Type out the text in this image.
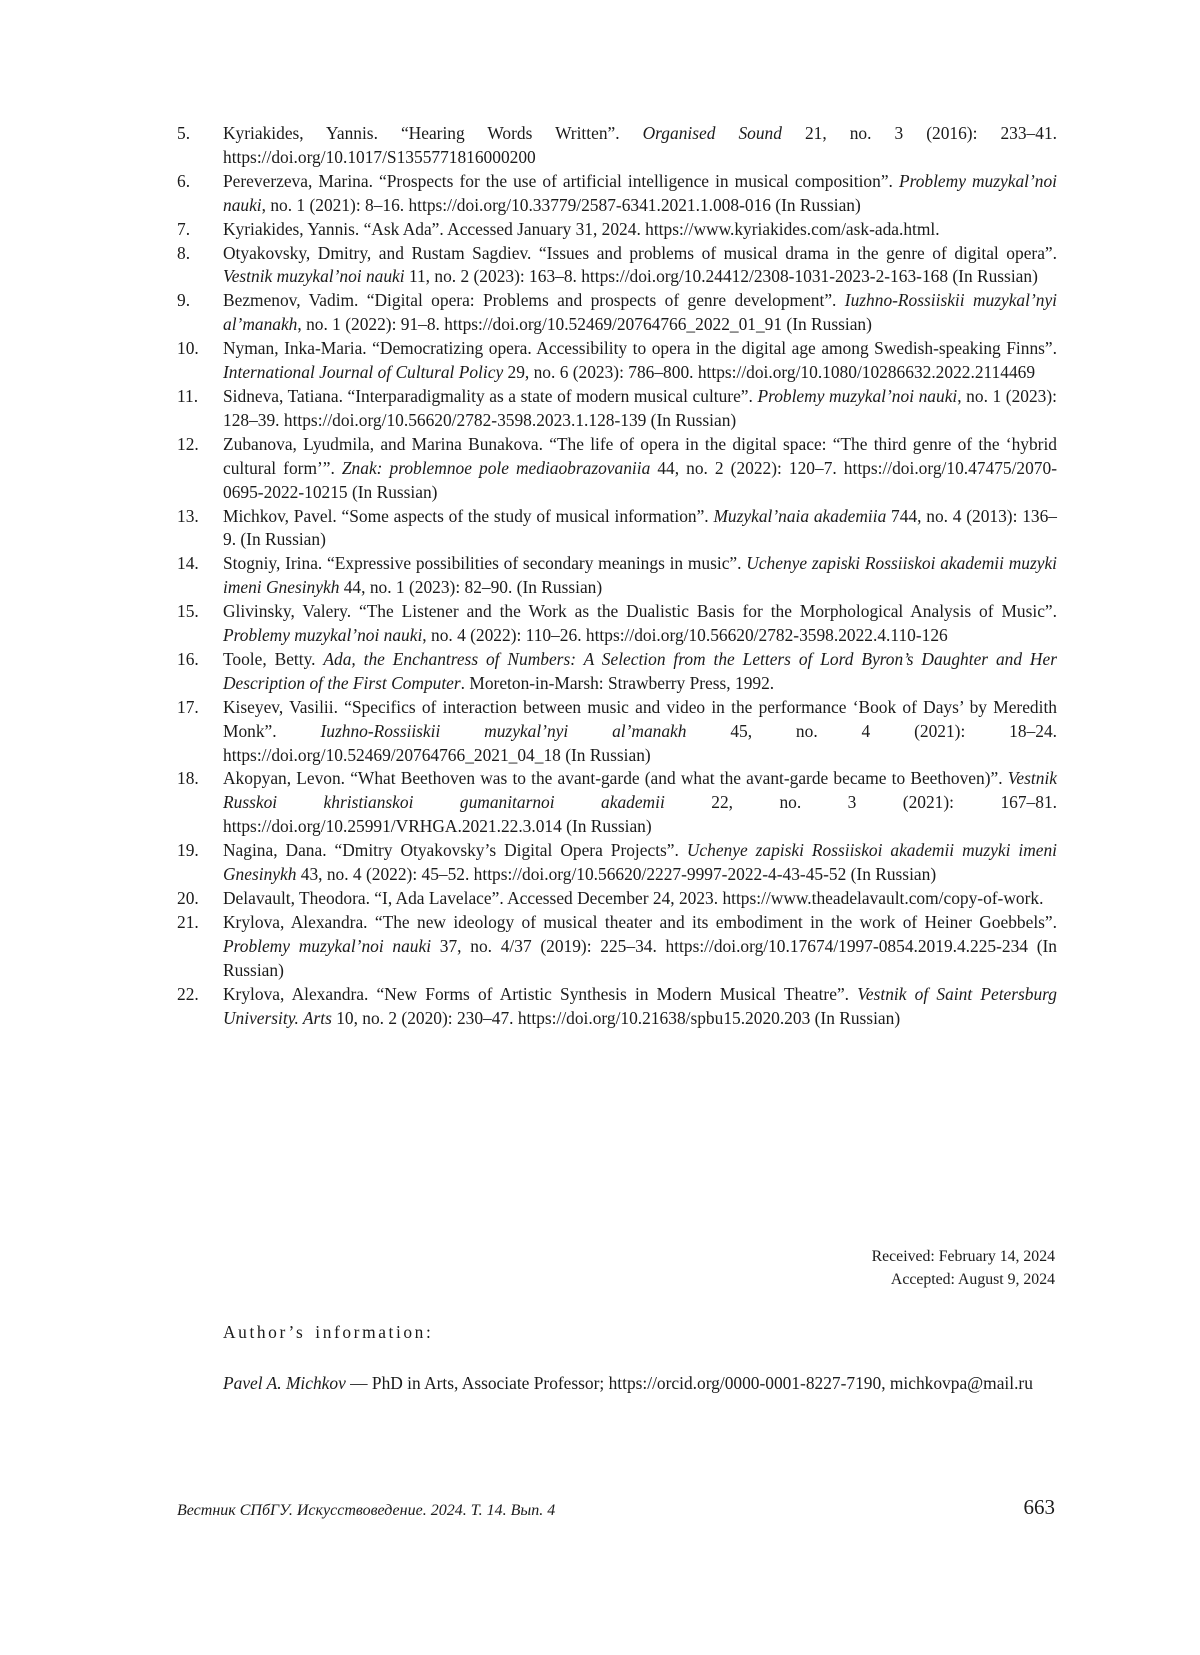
5.	Kyriakides, Yannis. “Hearing Words Written”. Organised Sound 21, no. 3 (2016): 233–41. https://doi.org/10.1017/S1355771816000200

6.	Pereverzeva, Marina. “Prospects for the use of artificial intelligence in musical composition”. Problemy muzykal’noi nauki, no. 1 (2021): 8–16. https://doi.org/10.33779/2587-6341.2021.1.008-016 (In Russian)

7.	Kyriakides, Yannis. “Ask Ada”. Accessed January 31, 2024. https://www.kyriakides.com/ask-ada.html.

8.	Otyakovsky, Dmitry, and Rustam Sagdiev. “Issues and problems of musical drama in the genre of digital opera”. Vestnik muzykal’noi nauki 11, no. 2 (2023): 163–8. https://doi.org/10.24412/2308-1031-2023-2-163-168 (In Russian)

9.	Bezmenov, Vadim. “Digital opera: Problems and prospects of genre development”. Iuzhno-Rossiiskii muzykal’nyi al’manakh, no. 1 (2022): 91–8. https://doi.org/10.52469/20764766_2022_01_91 (In Russian)

10.	Nyman, Inka-Maria. “Democratizing opera. Accessibility to opera in the digital age among Swedish-speaking Finns”. International Journal of Cultural Policy 29, no. 6 (2023): 786–800. https://doi.org/10.1080/10286632.2022.2114469

11.	Sidneva, Tatiana. “Interparadigmality as a state of modern musical culture”. Problemy muzykal’noi nauki, no. 1 (2023): 128–39. https://doi.org/10.56620/2782-3598.2023.1.128-139 (In Russian)

12.	Zubanova, Lyudmila, and Marina Bunakova. “The life of opera in the digital space: “The third genre of the ‘hybrid cultural form’”. Znak: problemnoe pole mediaobrazovaniia 44, no. 2 (2022): 120–7. https://doi.org/10.47475/2070-0695-2022-10215 (In Russian)

13.	Michkov, Pavel. “Some aspects of the study of musical information”. Muzykal’naia akademiia 744, no. 4 (2013): 136–9. (In Russian)

14.	Stogniy, Irina. “Expressive possibilities of secondary meanings in music”. Uchenye zapiski Rossiiskoi akademii muzyki imeni Gnesinykh 44, no. 1 (2023): 82–90. (In Russian)

15.	Glivinsky, Valery. “The Listener and the Work as the Dualistic Basis for the Morphological Analysis of Music”. Problemy muzykal’noi nauki, no. 4 (2022): 110–26. https://doi.org/10.56620/2782-3598.2022.4.110-126

16.	Toole, Betty. Ada, the Enchantress of Numbers: A Selection from the Letters of Lord Byron’s Daughter and Her Description of the First Computer. Moreton-in-Marsh: Strawberry Press, 1992.

17.	Kiseyev, Vasilii. “Specifics of interaction between music and video in the performance ‘Book of Days’ by Meredith Monk”. Iuzhno-Rossiiskii muzykal’nyi al’manakh 45, no. 4 (2021): 18–24. https://doi.org/10.52469/20764766_2021_04_18 (In Russian)

18.	Akopyan, Levon. “What Beethoven was to the avant-garde (and what the avant-garde became to Beethoven)”. Vestnik Russkoi khristianskoi gumanitarnoi akademii 22, no. 3 (2021): 167–81. https://doi.org/10.25991/VRHGA.2021.22.3.014 (In Russian)

19.	Nagina, Dana. “Dmitry Otyakovsky’s Digital Opera Projects”. Uchenye zapiski Rossiiskoi akademii muzyki imeni Gnesinykh 43, no. 4 (2022): 45–52. https://doi.org/10.56620/2227-9997-2022-4-43-45-52 (In Russian)

20.	Delavault, Theodora. “I, Ada Lavelace”. Accessed December 24, 2023. https://www.theadelavault.com/copy-of-work.

21.	Krylova, Alexandra. “The new ideology of musical theater and its embodiment in the work of Heiner Goebbels”. Problemy muzykal’noi nauki 37, no. 4/37 (2019): 225–34. https://doi.org/10.17674/1997-0854.2019.4.225-234 (In Russian)

22.	Krylova, Alexandra. “New Forms of Artistic Synthesis in Modern Musical Theatre”. Vestnik of Saint Petersburg University. Arts 10, no. 2 (2020): 230–47. https://doi.org/10.21638/spbu15.2020.203 (In Russian)

Received: February 14, 2024
Accepted: August 9, 2024
Author’s information:
Pavel A. Michkov — PhD in Arts, Associate Professor; https://orcid.org/0000-0001-8227-7190, michkovpa@mail.ru
Вестник СПбГУ. Искусствоведение. 2024. Т. 14. Вып. 4	663
